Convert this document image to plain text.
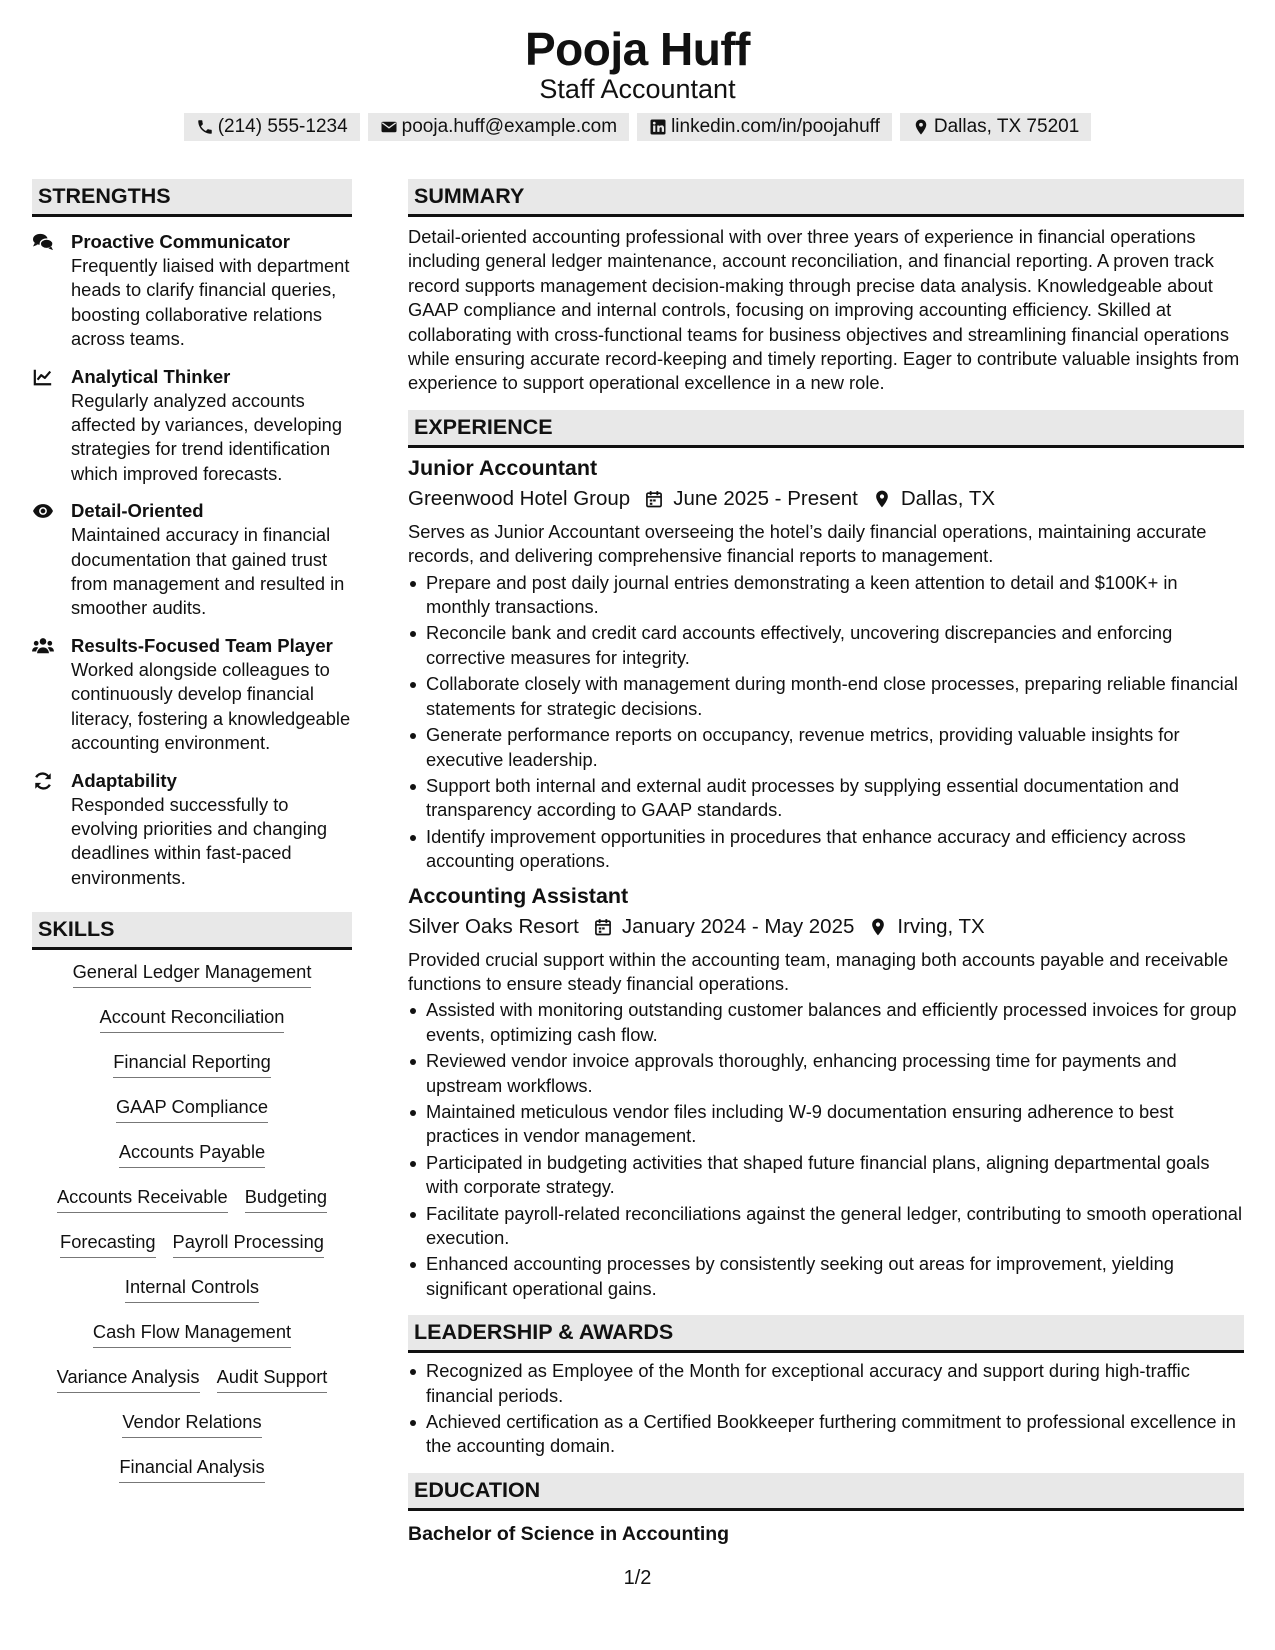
Pooja Huff
Staff Accountant
(214) 555-1234	pooja.huff@example.com	linkedin.com/in/poojahuff	Dallas, TX 75201
STRENGTHS
Proactive Communicator
Frequently liaised with department heads to clarify financial queries, boosting collaborative relations across teams.
Analytical Thinker
Regularly analyzed accounts affected by variances, developing strategies for trend identification which improved forecasts.
Detail-Oriented
Maintained accuracy in financial documentation that gained trust from management and resulted in smoother audits.
Results-Focused Team Player
Worked alongside colleagues to continuously develop financial literacy, fostering a knowledgeable accounting environment.
Adaptability
Responded successfully to evolving priorities and changing deadlines within fast-paced environments.
SKILLS
General Ledger Management
Account Reconciliation
Financial Reporting
GAAP Compliance
Accounts Payable
Accounts Receivable Budgeting
Forecasting Payroll Processing
Internal Controls
Cash Flow Management
Variance Analysis Audit Support
Vendor Relations
Financial Analysis
SUMMARY
Detail-oriented accounting professional with over three years of experience in financial operations including general ledger maintenance, account reconciliation, and financial reporting. A proven track record supports management decision-making through precise data analysis. Knowledgeable about GAAP compliance and internal controls, focusing on improving accounting efficiency. Skilled at collaborating with cross-functional teams for business objectives and streamlining financial operations while ensuring accurate record-keeping and timely reporting. Eager to contribute valuable insights from experience to support operational excellence in a new role.
EXPERIENCE
Junior Accountant
Greenwood Hotel Group June 2025 - Present Dallas, TX
Serves as Junior Accountant overseeing the hotel’s daily financial operations, maintaining accurate records, and delivering comprehensive financial reports to management.
Prepare and post daily journal entries demonstrating a keen attention to detail and $100K+ in monthly transactions.
Reconcile bank and credit card accounts effectively, uncovering discrepancies and enforcing corrective measures for integrity.
Collaborate closely with management during month-end close processes, preparing reliable financial statements for strategic decisions.
Generate performance reports on occupancy, revenue metrics, providing valuable insights for executive leadership.
Support both internal and external audit processes by supplying essential documentation and transparency according to GAAP standards.
Identify improvement opportunities in procedures that enhance accuracy and efficiency across accounting operations.
Accounting Assistant
Silver Oaks Resort January 2024 - May 2025 Irving, TX
Provided crucial support within the accounting team, managing both accounts payable and receivable functions to ensure steady financial operations.
Assisted with monitoring outstanding customer balances and efficiently processed invoices for group events, optimizing cash flow.
Reviewed vendor invoice approvals thoroughly, enhancing processing time for payments and upstream workflows.
Maintained meticulous vendor files including W-9 documentation ensuring adherence to best practices in vendor management.
Participated in budgeting activities that shaped future financial plans, aligning departmental goals with corporate strategy.
Facilitate payroll-related reconciliations against the general ledger, contributing to smooth operational execution.
Enhanced accounting processes by consistently seeking out areas for improvement, yielding significant operational gains.
LEADERSHIP & AWARDS
Recognized as Employee of the Month for exceptional accuracy and support during high-traffic financial periods.
Achieved certification as a Certified Bookkeeper furthering commitment to professional excellence in the accounting domain.
EDUCATION
Bachelor of Science in Accounting
1/2
